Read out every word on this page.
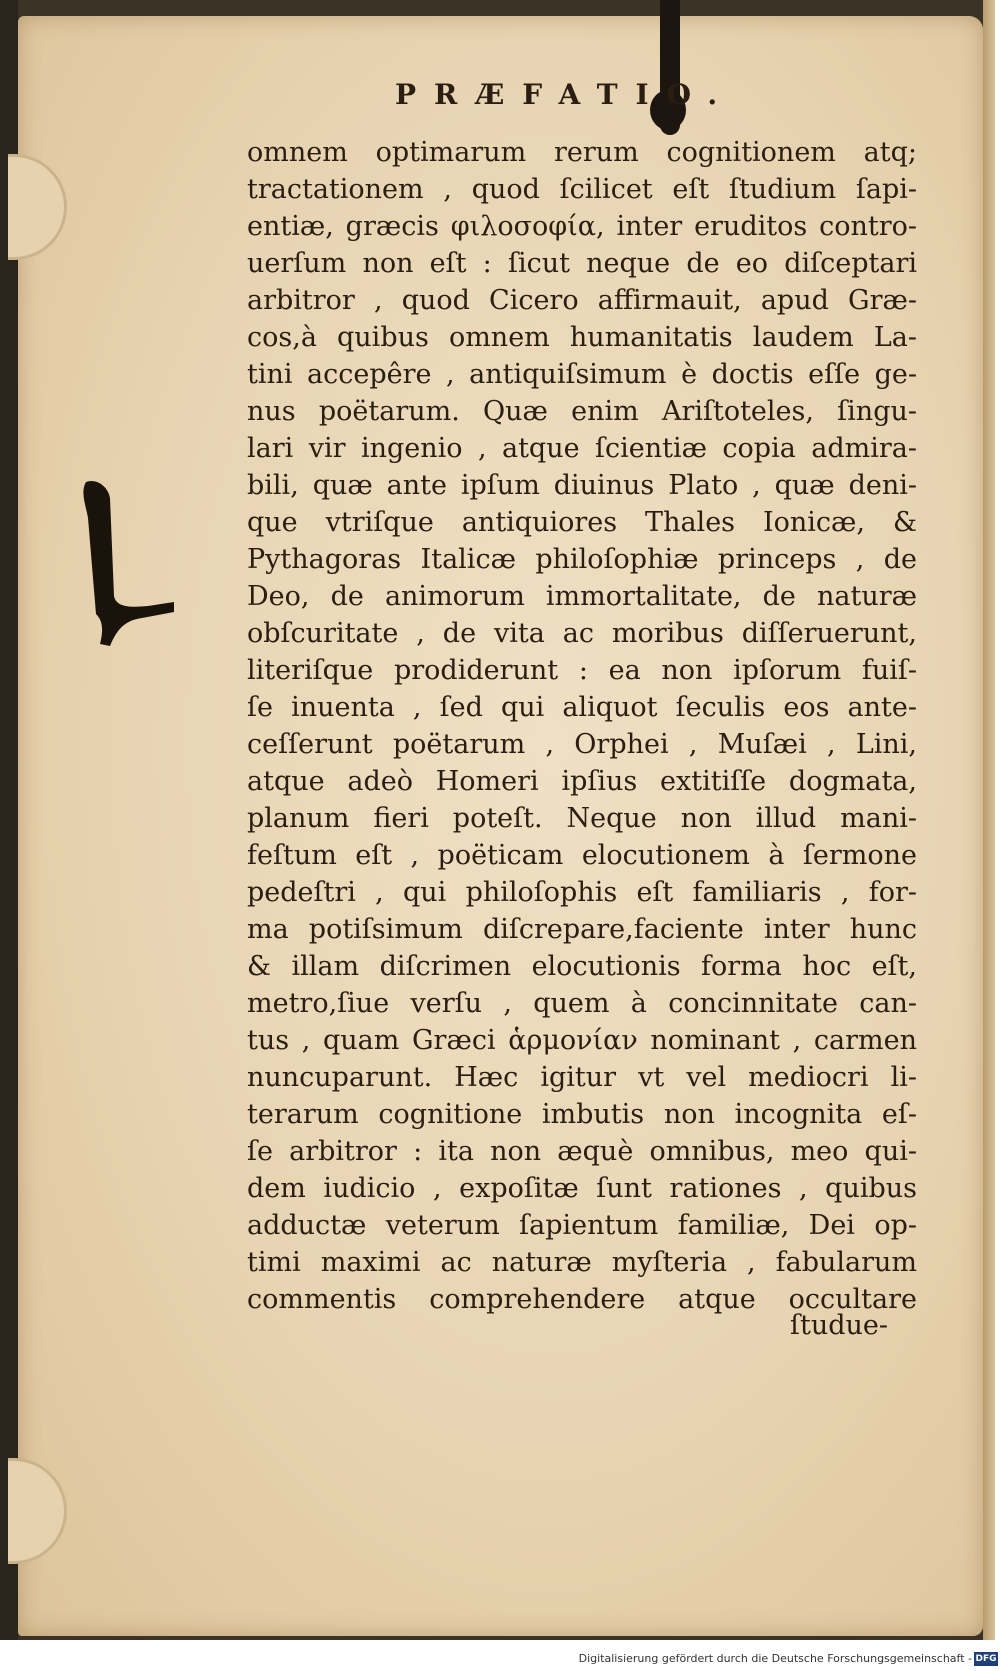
PRÆFATIO.
omnem optimarum rerum cognitionem atq;
tractationem , quod ſcilicet eſt ſtudium ſapi-
entiæ, græcis φιλοσοφία, inter eruditos contro-
uerſum non eſt : ſicut neque de eo diſceptari
arbitror , quod Cicero affirmauit, apud Græ-
cos,à quibus omnem humanitatis laudem La-
tini accepêre , antiquiſsimum è doctis eſſe ge-
nus poëtarum. Quæ enim Ariſtoteles, ſingu-
lari vir ingenio , atque ſcientiæ copia admira-
bili, quæ ante ipſum diuinus Plato , quæ deni-
que vtriſque antiquiores Thales Ionicæ, &
Pythagoras Italicæ philoſophiæ princeps , de
Deo, de animorum immortalitate, de naturæ
obſcuritate , de vita ac moribus diſſeruerunt,
literiſque prodiderunt : ea non ipſorum fuiſ-
ſe inuenta , ſed qui aliquot ſeculis eos ante-
ceſſerunt poëtarum , Orphei , Muſæi , Lini,
atque adeò Homeri ipſius extitiſſe dogmata,
planum fieri poteſt. Neque non illud mani-
feſtum eſt , poëticam elocutionem à ſermone
pedeſtri , qui philoſophis eſt familiaris , for-
ma potiſsimum diſcrepare,faciente inter hunc
& illam diſcrimen elocutionis forma hoc eſt,
metro,ſiue verſu , quem à concinnitate can-
tus , quam Græci ἁρμονίαν nominant , carmen
nuncuparunt. Hæc igitur vt vel mediocri li-
terarum cognitione imbutis non incognita eſ-
ſe arbitror : ita non æquè omnibus, meo qui-
dem iudicio , expoſitæ ſunt rationes , quibus
adductæ veterum ſapientum familiæ, Dei op-
timi maximi ac naturæ myſteria , fabularum
commentis comprehendere atque occultare
ſtudue-
Digitalisierung gefördert durch die Deutsche Forschungsgemeinschaft - DFG
